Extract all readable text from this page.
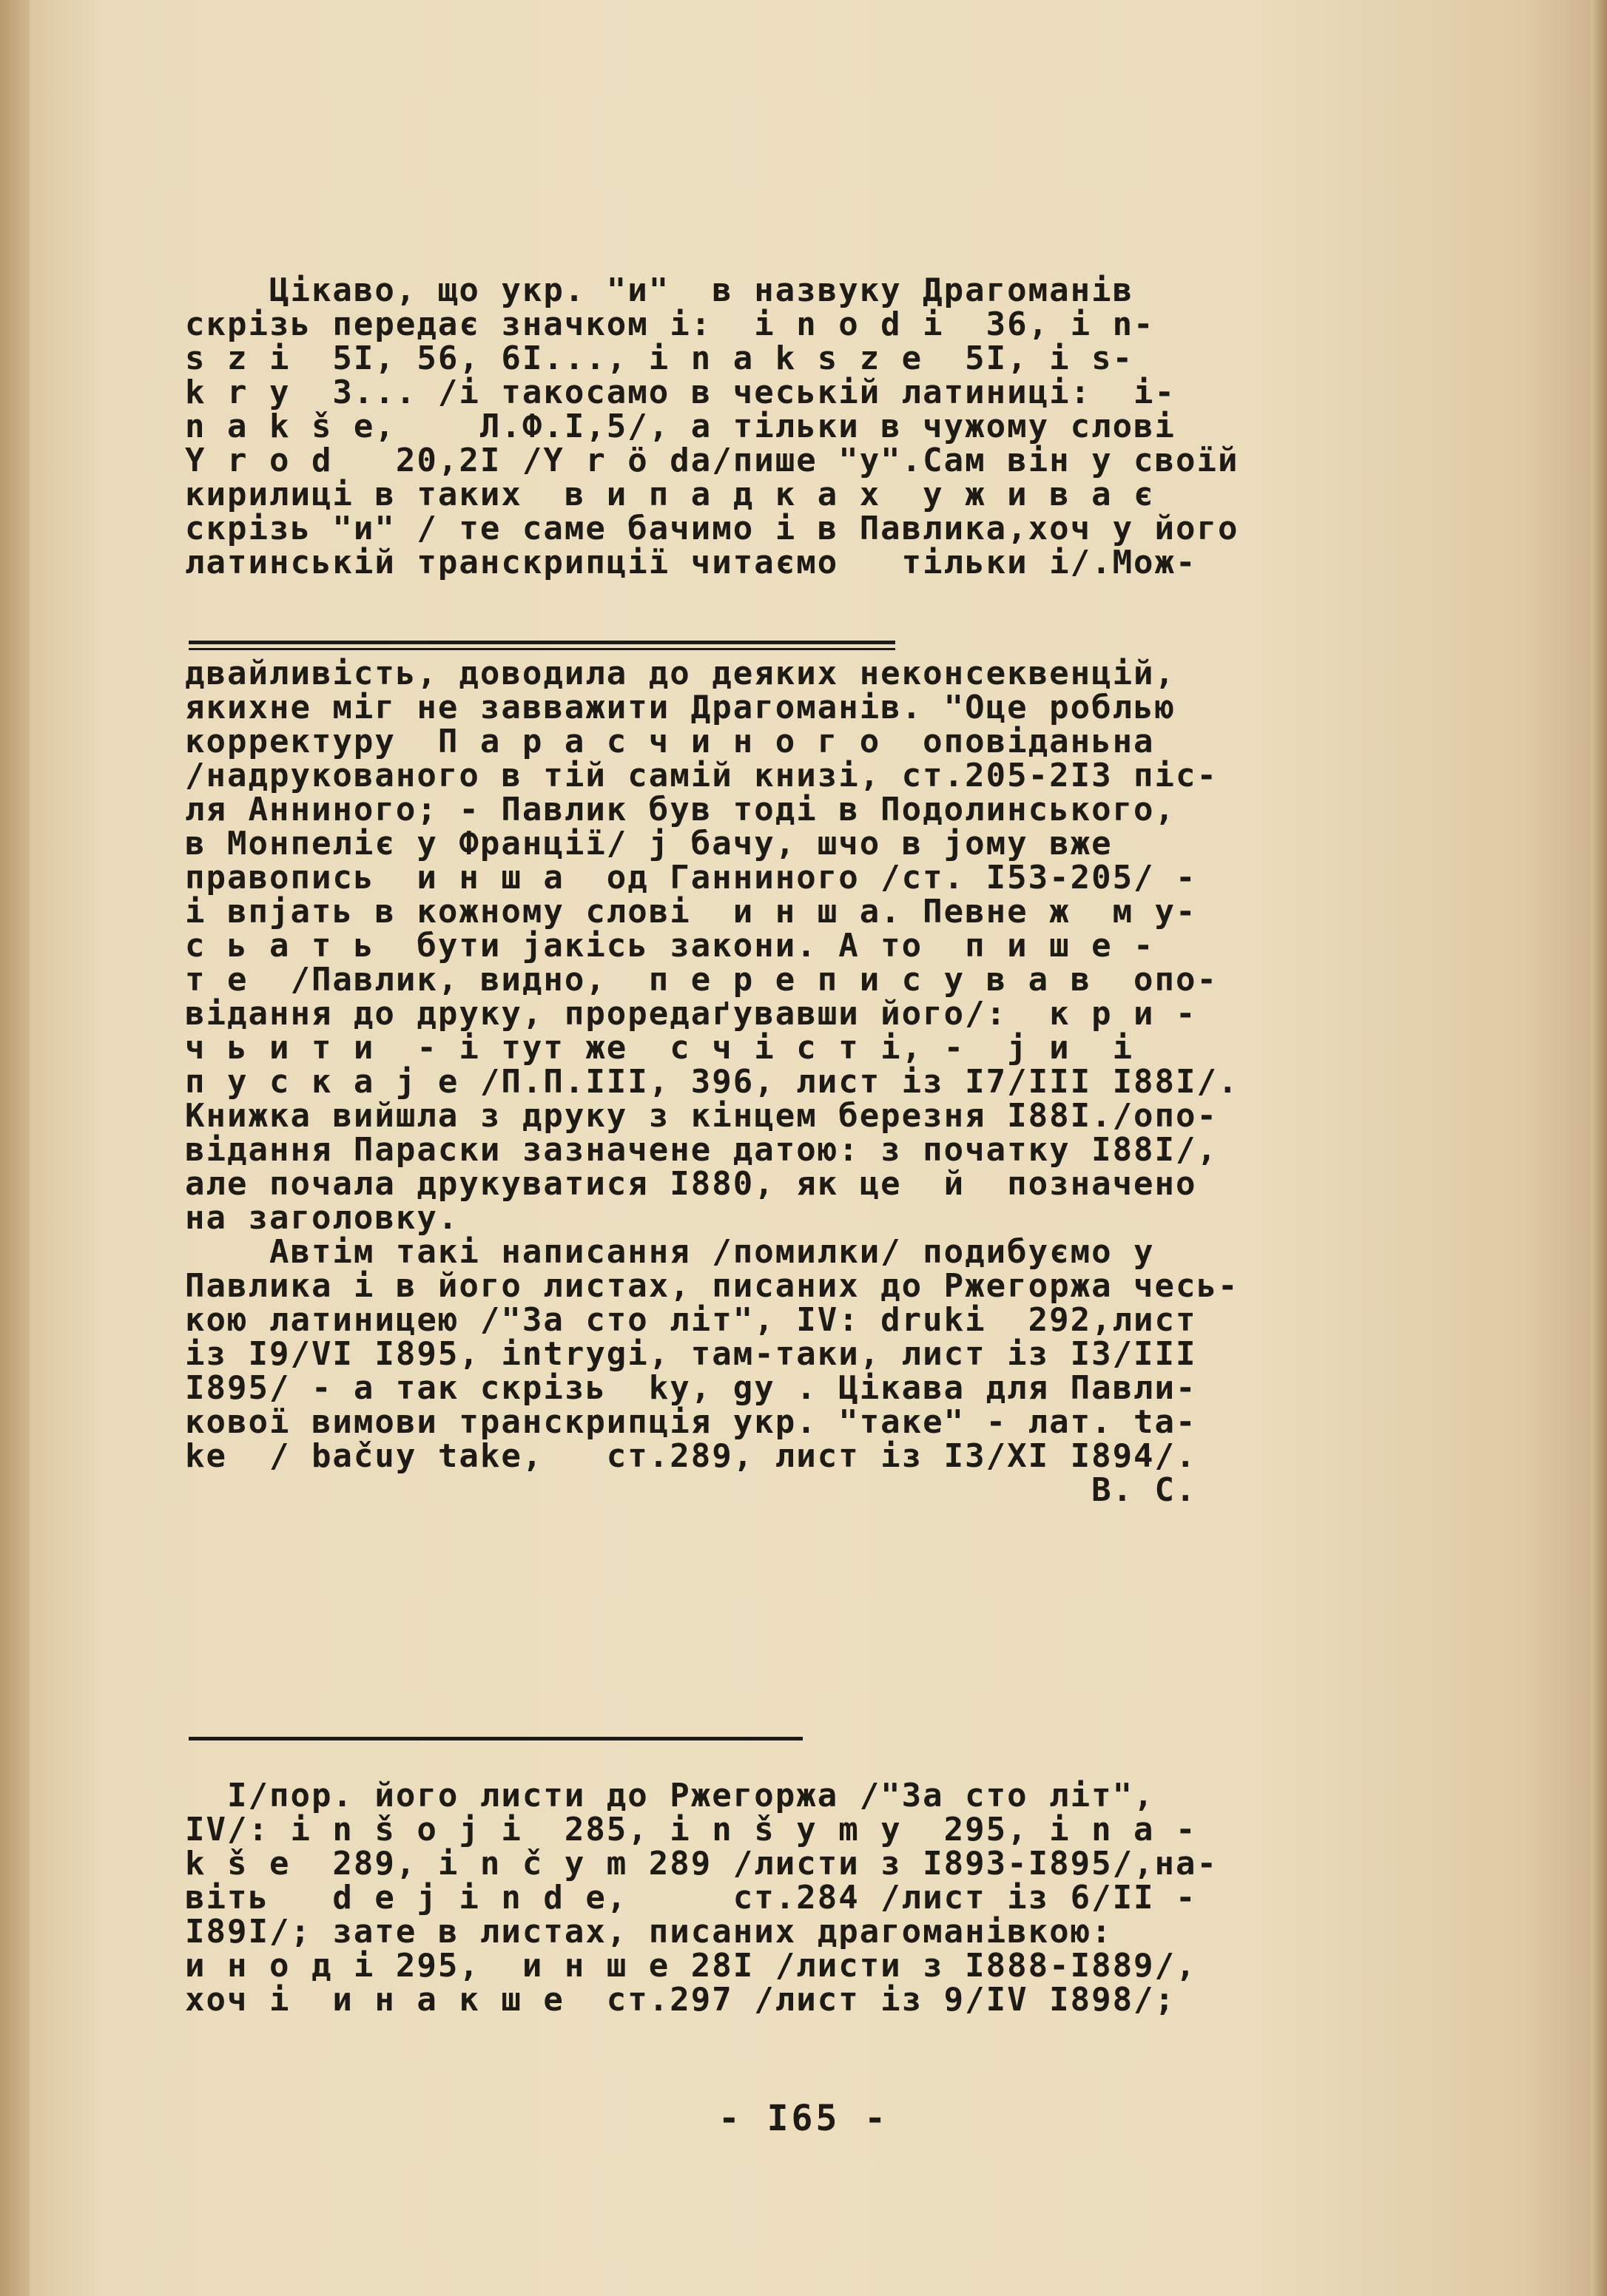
Цікаво, що укр. "и"  в назвуку Драгоманів
скрізь передає значком і:  i n o d i  36, i n-
s z i  5I, 56, 6I..., i n a k s z e  5I, i s-
k r y  3... /і такосамо в чеській латиниці:  i-
n a k š e,    Л.Ф.I,5/, а тільки в чужому слові
Y r o d   20,2I /Y r ö da/пише "y".Сам він у своїй
кирилиці в таких  в и п а д к а х  у ж и в а є
скрізь "и" / те саме бачимо і в Павлика,хоч у його
латинській транскрипції читаємо   тільки і/.Мож-
двайливість, доводила до деяких неконсеквенцій,
якихне міг не завважити Драгоманів. "Оце роблью
корректуру  П а р а с ч и н о г о  оповіданьна
/надрукованого в тій самій книзі, ст.205-2I3 піс-
ля Анниного; - Павлик був тоді в Подолинського,
в Монпеліє у Франції/ ј бачу, шчо в јому вже
правопись  и н ш а  од Ганниного /ст. I53-205/ -
і впјать в кожному слові  и н ш а. Певне ж  м у-
с ь а т ь  бути јакісь закони. А то  п и ш е -
т е  /Павлик, видно,  п е р е п и с у в а в  опо-
відання до друку, проредаґувавши його/:  к р и -
ч ь и т и  - і тут же  с ч і с т і, -  ј и  і
п у с к а ј е /П.П.III, 396, лист із I7/III I88I/.
Книжка вийшла з друку з кінцем березня I88I./опо-
відання Параски зазначене датою: з початку I88I/,
але почала друкуватися I880, як це  й  позначено
на заголовку.
Автім такі написання /помилки/ подибуємо у
Павлика і в його листах, писаних до Ржегоржа чесь-
кою латиницею /"За сто літ", IV: druki  292,лист
із I9/VI I895, intrygi, там-таки, лист із I3/III
I895/ - а так скрізь  ky, gy . Цікава для Павли-
кової вимови транскрипція укр. "таке" - лат. ta-
ke  / bačuy take,   ст.289, лист із I3/XI I894/.
В. С.
I/пор. його листи до Ржегоржа /"За сто літ",
IV/: i n š o j i  285, i n š y m y  295, i n a -
k š e  289, i n č y m 289 /листи з I893-I895/,на-
віть   d e j i n d e,     ст.284 /лист із 6/II -
I89I/; зате в листах, писаних драгоманівкою:
и н о д і 295,  и н ш е 28I /листи з I888-I889/,
хоч і  и н а к ш е  ст.297 /лист із 9/IV I898/;
- I65 -
